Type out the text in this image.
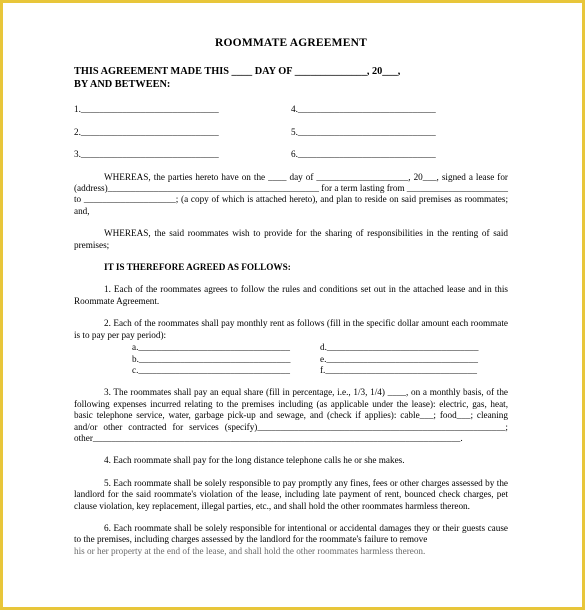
ROOMMATE AGREEMENT
THIS AGREEMENT MADE THIS ____ DAY OF ______________, 20___,
BY AND BETWEEN:
1.______________________________	4.______________________________
2.______________________________	5.______________________________
3.______________________________	6.______________________________

WHEREAS, the parties hereto have on the ____ day of ____________________, 20___, signed a lease for (address)______________________________________________ for a term lasting from ______________________ to ____________________; (a copy of which is attached hereto), and plan to reside on said premises as roommates; and,

WHEREAS, the said roommates wish to provide for the sharing of responsibilities in the renting of said premises;

IT IS THEREFORE AGREED AS FOLLOWS:

1. Each of the roommates agrees to follow the rules and conditions set out in the attached lease and in this Roommate Agreement.

2. Each of the roommates shall pay monthly rent as follows (fill in the specific dollar amount each roommate is to pay per pay period):

a._________________________________	d._________________________________
b._________________________________	e._________________________________
c._________________________________	f._________________________________

3. The roommates shall pay an equal share (fill in percentage, i.e., 1/3, 1/4) ____, on a monthly basis, of the following expenses incurred relating to the premises including (as applicable under the lease): electric, gas, heat, basic telephone service, water, garbage pick-up and sewage, and (check if applies): cable___; food___; cleaning and/or other contracted for services (specify)______________________________________________________; other________________________________________________________________________________.

4. Each roommate shall pay for the long distance telephone calls he or she makes.

5. Each roommate shall be solely responsible to pay promptly any fines, fees or other charges assessed by the landlord for the said roommate's violation of the lease, including late payment of rent, bounced check charges, pet clause violation, key replacement, illegal parties, etc., and shall hold the other roommates harmless thereon.

6. Each roommate shall be solely responsible for intentional or accidental damages they or their guests cause to the premises, including charges assessed by the landlord for the roommate's failure to remove

his or her property at the end of the lease, and shall hold the other roommates harmless thereon.
